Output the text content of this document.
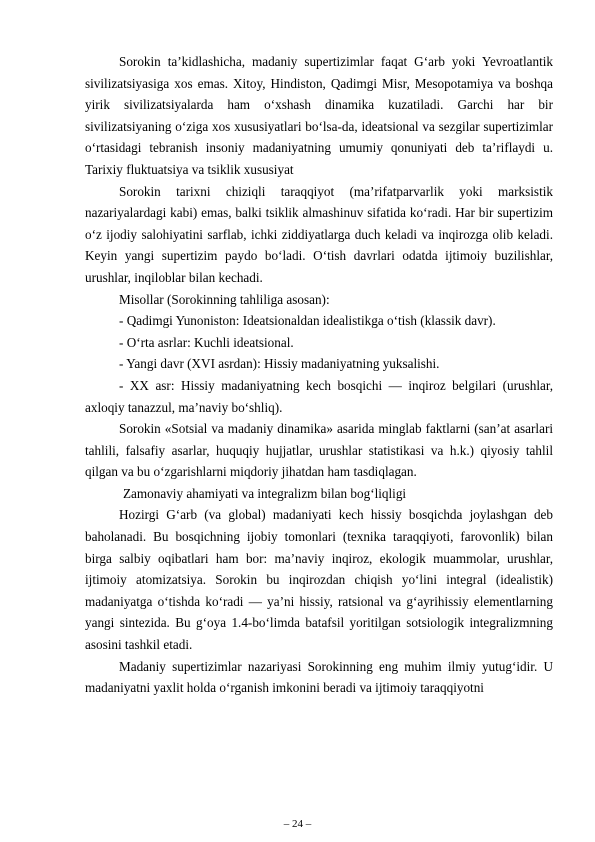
Sorokin ta’kidlashicha, madaniy supertizimlar faqat G‘arb yoki Yevroatlantik sivilizatsiyasiga xos emas. Xitoy, Hindiston, Qadimgi Misr, Mesopotamiya va boshqa yirik sivilizatsiyalarda ham o‘xshash dinamika kuzatiladi. Garchi har bir sivilizatsiyaning o‘ziga xos xususiyatlari bo‘lsa-da, ideatsional va sezgilar supertizimlar o‘rtasidagi tebranish insoniy madaniyatning umumiy qonuniyati deb ta’riflaydi u. Tarixiy fluktuatsiya va tsiklik xususiyat

Sorokin tarixni chiziqli taraqqiyot (ma’rifatparvarlik yoki marksistik nazariyalardagi kabi) emas, balki tsiklik almashinuv sifatida ko‘radi. Har bir supertizim o‘z ijodiy salohiyatini sarflab, ichki ziddiyatlarga duch keladi va inqirozga olib keladi. Keyin yangi supertizim paydo bo‘ladi. O‘tish davrlari odatda ijtimoiy buzilishlar, urushlar, inqiloblar bilan kechadi.

Misollar (Sorokinning tahliliga asosan):

- Qadimgi Yunoniston: Ideatsionaldan idealistikga o‘tish (klassik davr).

- O‘rta asrlar: Kuchli ideatsional.

- Yangi davr (XVI asrdan): Hissiy madaniyatning yuksalishi.

- XX asr: Hissiy madaniyatning kech bosqichi — inqiroz belgilari (urushlar, axloqiy tanazzul, ma’naviy bo‘shliq).

Sorokin «Sotsial va madaniy dinamika» asarida minglab faktlarni (san’at asarlari tahlili, falsafiy asarlar, huquqiy hujjatlar, urushlar statistikasi va h.k.) qiyosiy tahlil qilgan va bu o‘zgarishlarni miqdoriy jihatdan ham tasdiqlagan.

Zamonaviy ahamiyati va integralizm bilan bog‘liqligi

Hozirgi G‘arb (va global) madaniyati kech hissiy bosqichda joylashgan deb baholanadi. Bu bosqichning ijobiy tomonlari (texnika taraqqiyoti, farovonlik) bilan birga salbiy oqibatlari ham bor: ma’naviy inqiroz, ekologik muammolar, urushlar, ijtimoiy atomizatsiya. Sorokin bu inqirozdan chiqish yo‘lini integral (idealistik) madaniyatga o‘tishda ko‘radi — ya’ni hissiy, ratsional va g‘ayrihissiy elementlarning yangi sintezida. Bu g‘oya 1.4-bo‘limda batafsil yoritilgan sotsiologik integralizmning asosini tashkil etadi.

Madaniy supertizimlar nazariyasi Sorokinning eng muhim ilmiy yutug‘idir. U madaniyatni yaxlit holda o‘rganish imkonini beradi va ijtimoiy taraqqiyotni

– 24 –
